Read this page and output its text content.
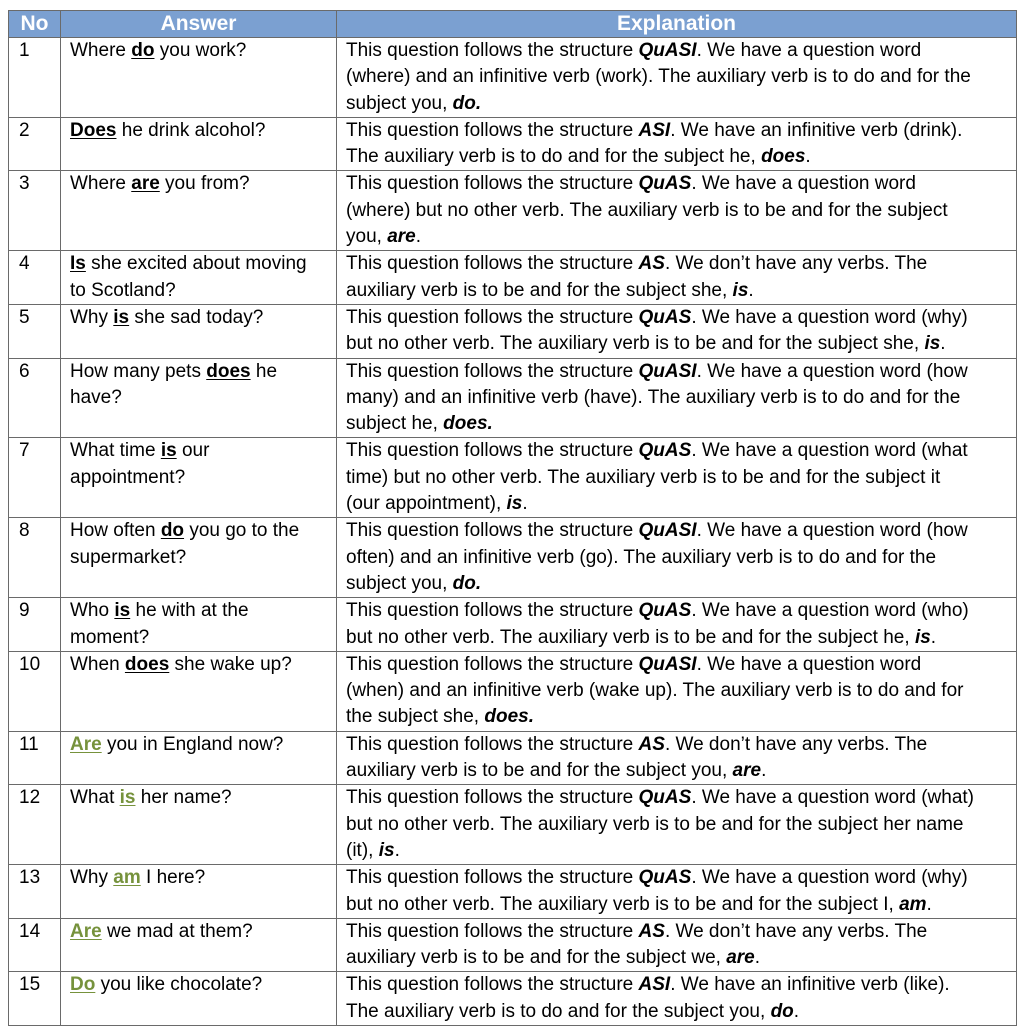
No	Answer	Explanation
1	Where do you work?	This question follows the structure QuASI. We have a question word
(where) and an infinitive verb (work). The auxiliary verb is to do and for the
subject you, do.

2	Does he drink alcohol?	This question follows the structure ASI. We have an infinitive verb (drink).
The auxiliary verb is to do and for the subject he, does.

3	Where are you from?	This question follows the structure QuAS. We have a question word
(where) but no other verb. The auxiliary verb is to be and for the subject
you, are.

4	Is she excited about moving
to Scotland?	This question follows the structure AS. We don’t have any verbs. The
auxiliary verb is to be and for the subject she, is.

5	Why is she sad today?	This question follows the structure QuAS. We have a question word (why)
but no other verb. The auxiliary verb is to be and for the subject she, is.

6	How many pets does he
have?	This question follows the structure QuASI. We have a question word (how
many) and an infinitive verb (have). The auxiliary verb is to do and for the
subject he, does.

7	What time is our
appointment?	This question follows the structure QuAS. We have a question word (what
time) but no other verb. The auxiliary verb is to be and for the subject it
(our appointment), is.

8	How often do you go to the
supermarket?	This question follows the structure QuASI. We have a question word (how
often) and an infinitive verb (go). The auxiliary verb is to do and for the
subject you, do.

9	Who is he with at the
moment?	This question follows the structure QuAS. We have a question word (who)
but no other verb. The auxiliary verb is to be and for the subject he, is.

10	When does she wake up?	This question follows the structure QuASI. We have a question word
(when) and an infinitive verb (wake up). The auxiliary verb is to do and for
the subject she, does.

11	Are you in England now?	This question follows the structure AS. We don’t have any verbs. The
auxiliary verb is to be and for the subject you, are.

12	What is her name?	This question follows the structure QuAS. We have a question word (what)
but no other verb. The auxiliary verb is to be and for the subject her name
(it), is.

13	Why am I here?	This question follows the structure QuAS. We have a question word (why)
but no other verb. The auxiliary verb is to be and for the subject I, am.

14	Are we mad at them?	This question follows the structure AS. We don’t have any verbs. The
auxiliary verb is to be and for the subject we, are.

15	Do you like chocolate?	This question follows the structure ASI. We have an infinitive verb (like).
The auxiliary verb is to do and for the subject you, do.
